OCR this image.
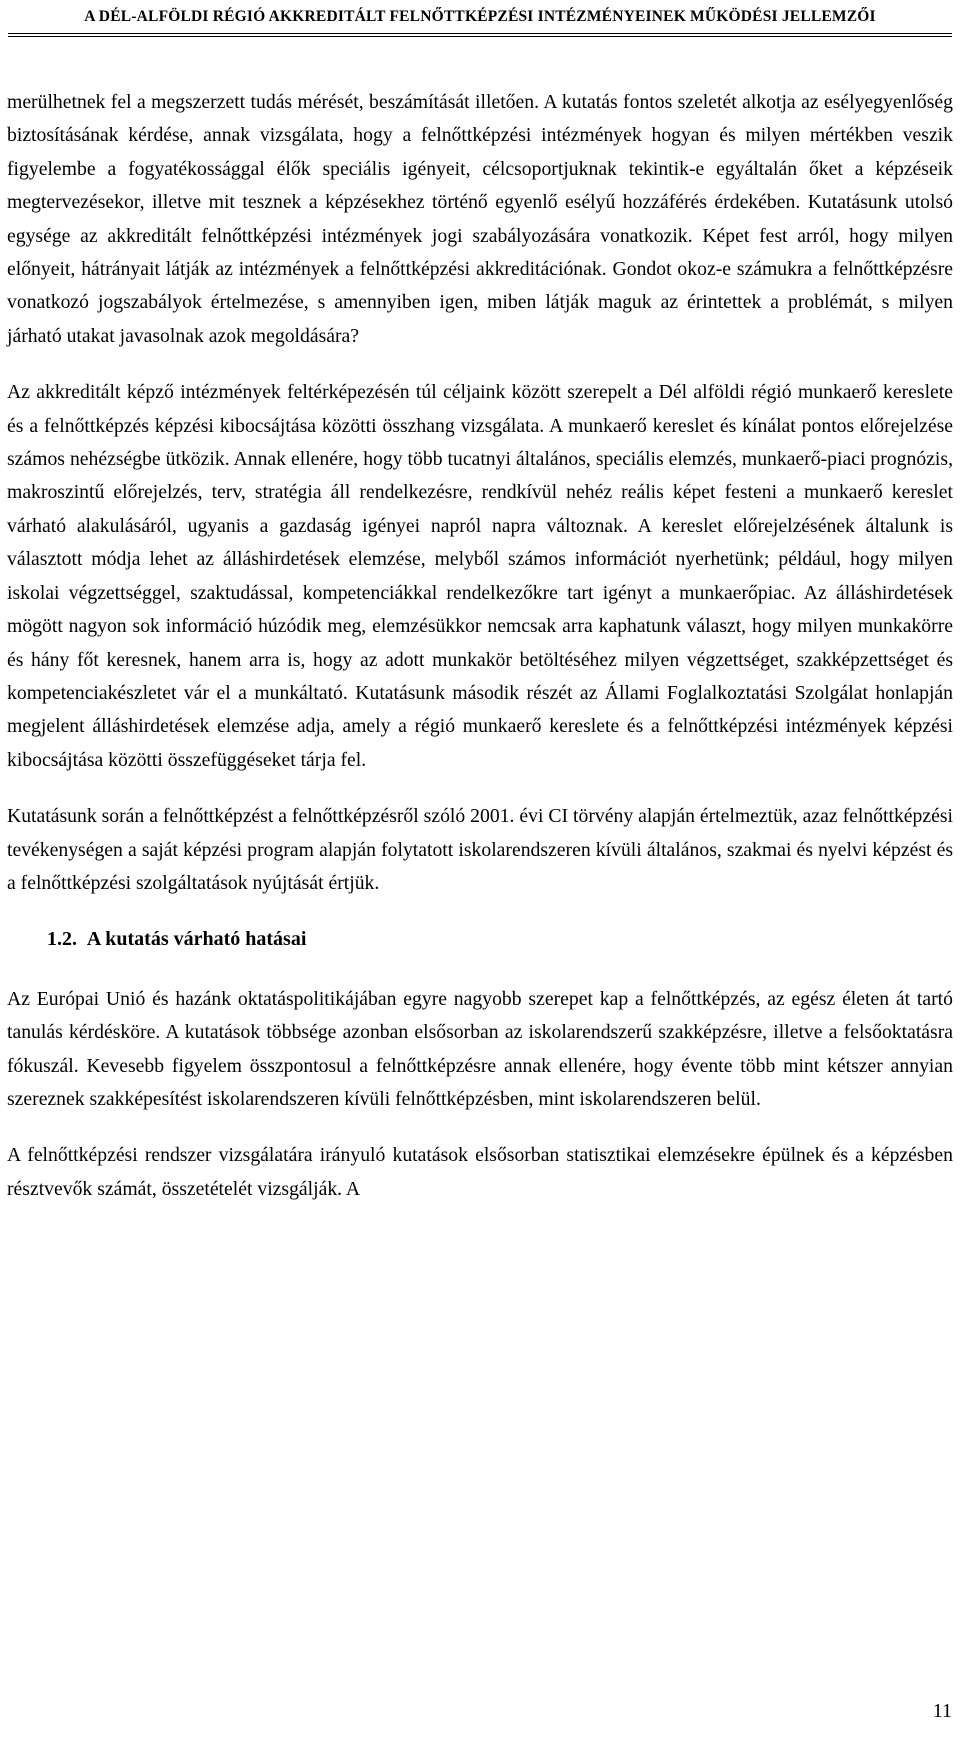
A DÉL-ALFÖLDI RÉGIÓ AKKREDITÁLT FELNŐTTKÉPZÉSI INTÉZMÉNYEINEK MŰKÖDÉSI JELLEMZŐI

merülhetnek fel a megszerzett tudás mérését, beszámítását illetően. A kutatás fontos szeletét alkotja az esélyegyenlőség biztosításának kérdése, annak vizsgálata, hogy a felnőttképzési intézmények hogyan és milyen mértékben veszik figyelembe a fogyatékossággal élők speciális igényeit, célcsoportjuknak tekintik-e egyáltalán őket a képzéseik megtervezésekor, illetve mit tesznek a képzésekhez történő egyenlő esélyű hozzáférés érdekében. Kutatásunk utolsó egysége az akkreditált felnőttképzési intézmények jogi szabályozására vonatkozik. Képet fest arról, hogy milyen előnyeit, hátrányait látják az intézmények a felnőttképzési akkreditációnak. Gondot okoz-e számukra a felnőttképzésre vonatkozó jogszabályok értelmezése, s amennyiben igen, miben látják maguk az érintettek a problémát, s milyen járható utakat javasolnak azok megoldására?

Az akkreditált képző intézmények feltérképezésén túl céljaink között szerepelt a Dél alföldi régió munkaerő kereslete és a felnőttképzés képzési kibocsájtása közötti összhang vizsgálata. A munkaerő kereslet és kínálat pontos előrejelzése számos nehézségbe ütközik. Annak ellenére, hogy több tucatnyi általános, speciális elemzés, munkaerő-piaci prognózis, makroszintű előrejelzés, terv, stratégia áll rendelkezésre, rendkívül nehéz reális képet festeni a munkaerő kereslet várható alakulásáról, ugyanis a gazdaság igényei napról napra változnak. A kereslet előrejelzésének általunk is választott módja lehet az álláshirdetések elemzése, melyből számos információt nyerhetünk; például, hogy milyen iskolai végzettséggel, szaktudással, kompetenciákkal rendelkezőkre tart igényt a munkaerőpiac. Az álláshirdetések mögött nagyon sok információ húzódik meg, elemzésükkor nemcsak arra kaphatunk választ, hogy milyen munkakörre és hány főt keresnek, hanem arra is, hogy az adott munkakör betöltéséhez milyen végzettséget, szakképzettséget és kompetenciakészletet vár el a munkáltató. Kutatásunk második részét az Állami Foglalkoztatási Szolgálat honlapján megjelent álláshirdetések elemzése adja, amely a régió munkaerő kereslete és a felnőttképzési intézmények képzési kibocsájtása közötti összefüggéseket tárja fel.

Kutatásunk során a felnőttképzést a felnőttképzésről szóló 2001. évi CI törvény alapján értelmeztük, azaz felnőttképzési tevékenységen a saját képzési program alapján folytatott iskolarendszeren kívüli általános, szakmai és nyelvi képzést és a felnőttképzési szolgáltatások nyújtását értjük.

1.2. A kutatás várható hatásai

Az Európai Unió és hazánk oktatáspolitikájában egyre nagyobb szerepet kap a felnőttképzés, az egész életen át tartó tanulás kérdésköre. A kutatások többsége azonban elsősorban az iskolarendszerű szakképzésre, illetve a felsőoktatásra fókuszál. Kevesebb figyelem összpontosul a felnőttképzésre annak ellenére, hogy évente több mint kétszer annyian szereznek szakképesítést iskolarendszeren kívüli felnőttképzésben, mint iskolarendszeren belül.

A felnőttképzési rendszer vizsgálatára irányuló kutatások elsősorban statisztikai elemzésekre épülnek és a képzésben résztvevők számát, összetételét vizsgálják. A

11
